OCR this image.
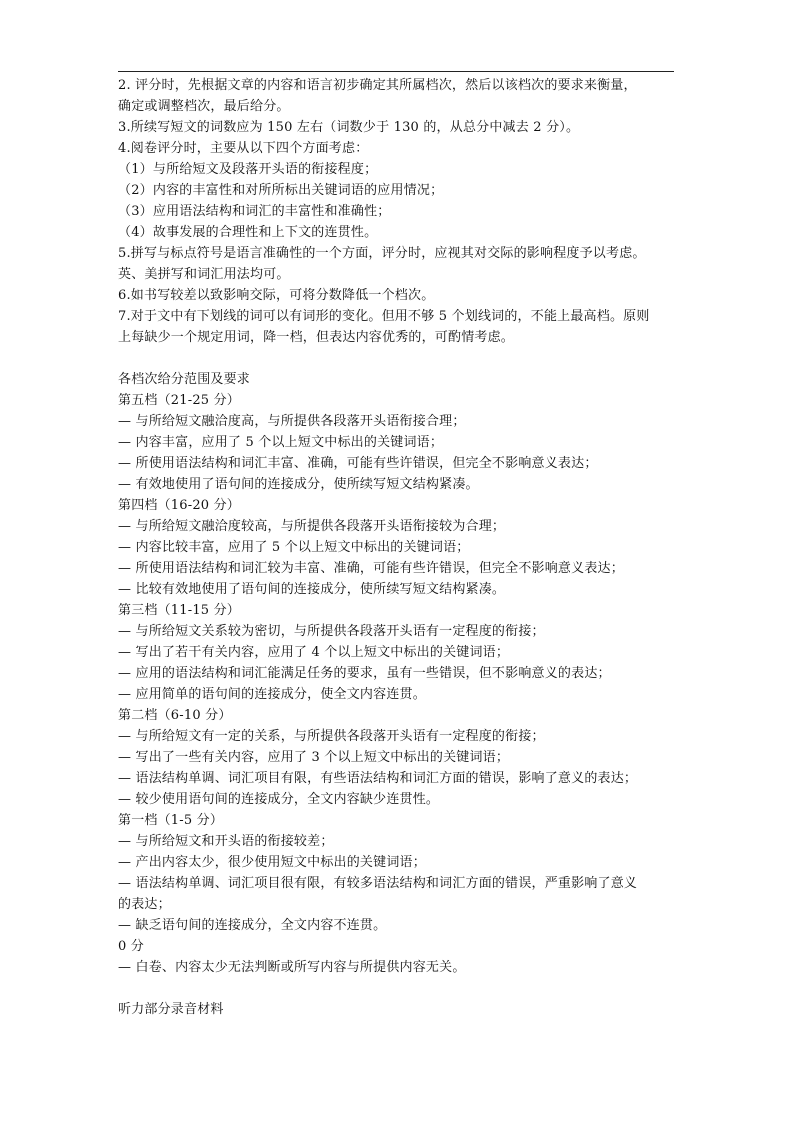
2. 评分时，先根据文章的内容和语言初步确定其所属档次，然后以该档次的要求来衡量，
确定或调整档次，最后给分。
3.所续写短文的词数应为 150 左右（词数少于 130 的，从总分中减去 2 分）。
4.阅卷评分时，主要从以下四个方面考虑：
（1）与所给短文及段落开头语的衔接程度；
（2）内容的丰富性和对所所标出关键词语的应用情况；
（3）应用语法结构和词汇的丰富性和准确性；
（4）故事发展的合理性和上下文的连贯性。
5.拼写与标点符号是语言准确性的一个方面，评分时，应视其对交际的影响程度予以考虑。
英、美拼写和词汇用法均可。
6.如书写较差以致影响交际，可将分数降低一个档次。
7.对于文中有下划线的词可以有词形的变化。但用不够 5 个划线词的，不能上最高档。原则
上每缺少一个规定用词，降一档，但表达内容优秀的，可酌情考虑。
各档次给分范围及要求
第五档（21-25 分）
— 与所给短文融洽度高，与所提供各段落开头语衔接合理；
— 内容丰富，应用了 5 个以上短文中标出的关键词语；
— 所使用语法结构和词汇丰富、准确，可能有些许错误，但完全不影响意义表达；
— 有效地使用了语句间的连接成分，使所续写短文结构紧凑。
第四档（16-20 分）
— 与所给短文融洽度较高，与所提供各段落开头语衔接较为合理；
— 内容比较丰富，应用了 5 个以上短文中标出的关键词语；
— 所使用语法结构和词汇较为丰富、准确，可能有些许错误，但完全不影响意义表达；
— 比较有效地使用了语句间的连接成分，使所续写短文结构紧凑。
第三档（11-15 分）
— 与所给短文关系较为密切，与所提供各段落开头语有一定程度的衔接；
— 写出了若干有关内容，应用了 4 个以上短文中标出的关键词语；
— 应用的语法结构和词汇能满足任务的要求，虽有一些错误，但不影响意义的表达；
— 应用简单的语句间的连接成分，使全文内容连贯。
第二档（6-10 分）
— 与所给短文有一定的关系，与所提供各段落开头语有一定程度的衔接；
— 写出了一些有关内容，应用了 3 个以上短文中标出的关键词语；
— 语法结构单调、词汇项目有限，有些语法结构和词汇方面的错误，影响了意义的表达；
— 较少使用语句间的连接成分，全文内容缺少连贯性。
第一档（1-5 分）
— 与所给短文和开头语的衔接较差；
— 产出内容太少，很少使用短文中标出的关键词语；
— 语法结构单调、词汇项目很有限，有较多语法结构和词汇方面的错误，严重影响了意义
的表达；
— 缺乏语句间的连接成分，全文内容不连贯。
0 分
— 白卷、内容太少无法判断或所写内容与所提供内容无关。
听力部分录音材料
